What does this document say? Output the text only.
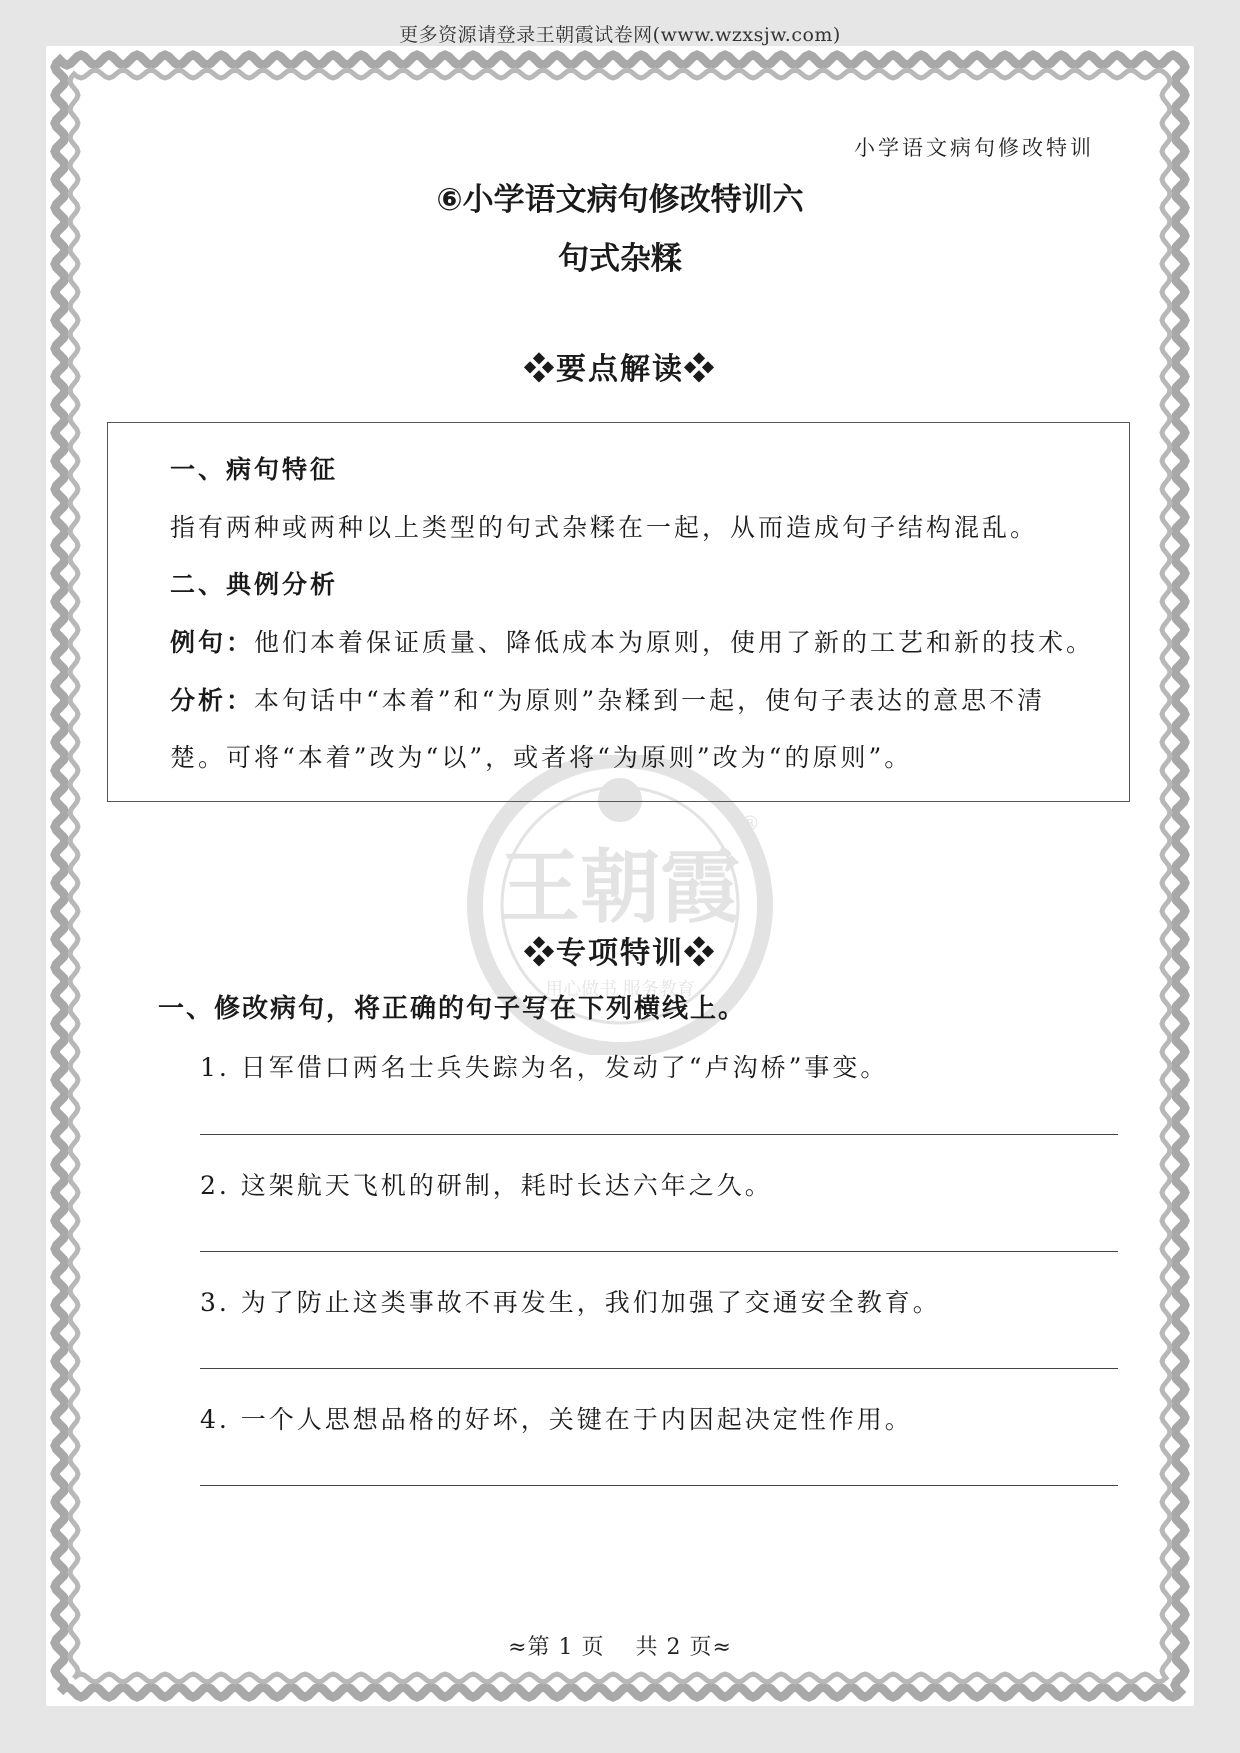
王朝霞
用心做书 服务教育
®
更多资源请登录王朝霞试卷网(www.wzxsjw.com)
小学语文病句修改特训
⑥小学语文病句修改特训六
句式杂糅
❖要点解读❖
一、病句特征
指有两种或两种以上类型的句式杂糅在一起，从而造成句子结构混乱。
二、典例分析
例句：他们本着保证质量、降低成本为原则，使用了新的工艺和新的技术。
分析：本句话中“本着”和“为原则”杂糅到一起，使句子表达的意思不清
楚。可将“本着”改为“以”，或者将“为原则”改为“的原则”。
❖专项特训❖
一、修改病句，将正确的句子写在下列横线上。
1. 日军借口两名士兵失踪为名，发动了“卢沟桥”事变。
2. 这架航天飞机的研制，耗时长达六年之久。
3. 为了防止这类事故不再发生，我们加强了交通安全教育。
4. 一个人思想品格的好坏，关键在于内因起决定性作用。
≈第 1 页　 共 2 页≈
